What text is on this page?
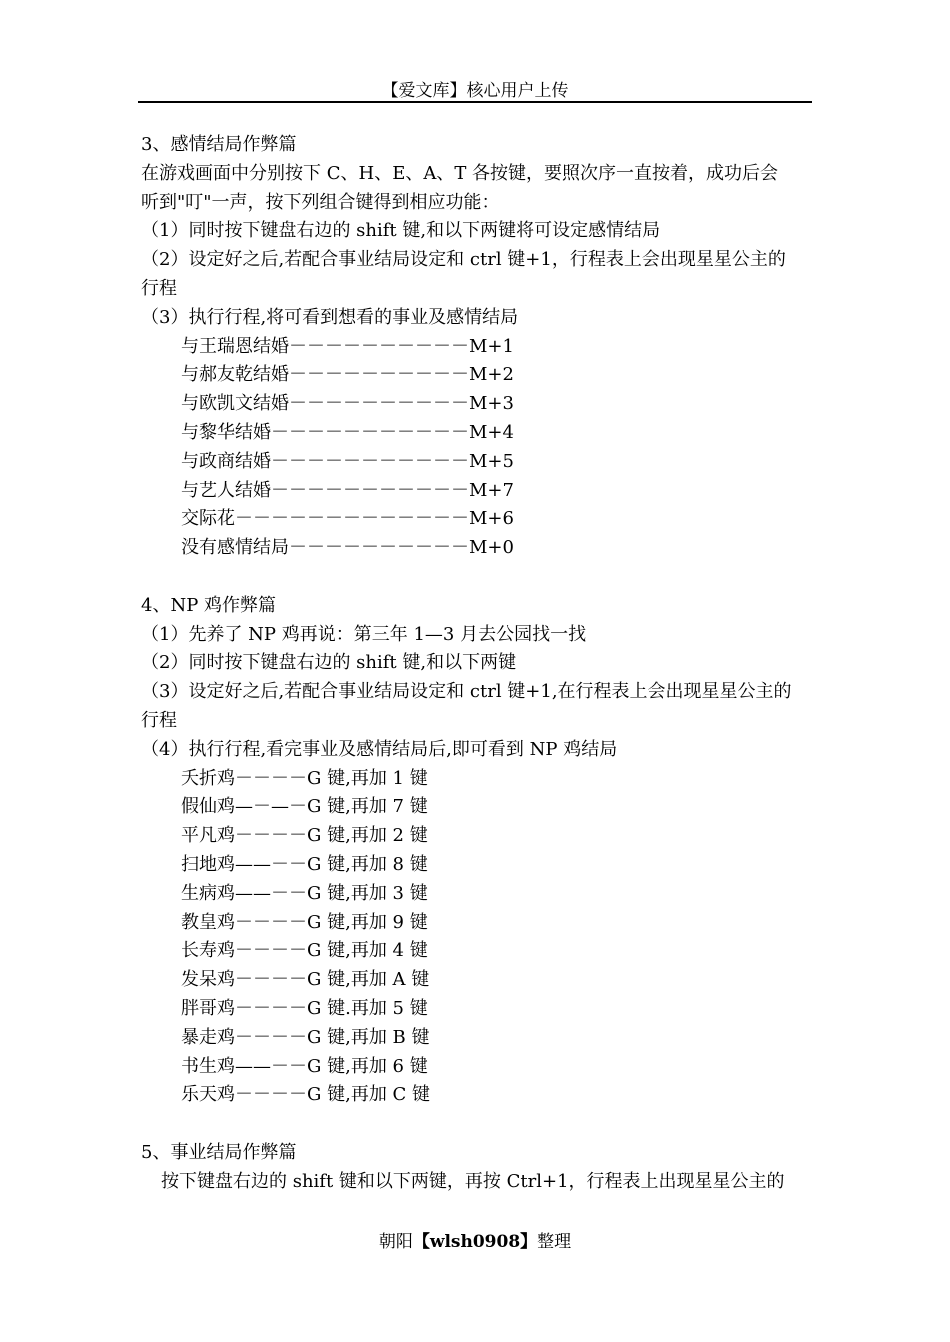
【爱文库】核心用户上传
3、感情结局作弊篇
在游戏画面中分别按下 C、H、E、A、T 各按键，要照次序一直按着，成功后会
听到"叮"一声，按下列组合键得到相应功能：
（1）同时按下键盘右边的 shift 键,和以下两键将可设定感情结局
（2）设定好之后,若配合事业结局设定和 ctrl 键+1，行程表上会出现星星公主的
行程
（3）执行行程,将可看到想看的事业及感情结局
与王瑞恩结婚－－－－－－－－－－M+1
与郝友乾结婚－－－－－－－－－－M+2
与欧凯文结婚－－－－－－－－－－M+3
与黎华结婚－－－－－－－－－－－M+4
与政商结婚－－－－－－－－－－－M+5
与艺人结婚－－－－－－－－－－－M+7
交际花－－－－－－－－－－－－－M+6
没有感情结局－－－－－－－－－－M+0
4、NP 鸡作弊篇
（1）先养了 NP 鸡再说：第三年 1—3 月去公园找一找
（2）同时按下键盘右边的 shift 键,和以下两键
（3）设定好之后,若配合事业结局设定和 ctrl 键+1,在行程表上会出现星星公主的
行程
（4）执行行程,看完事业及感情结局后,即可看到 NP 鸡结局
夭折鸡－－－－G 键,再加 1 键
假仙鸡—－—－G 键,再加 7 键
平凡鸡－－－－G 键,再加 2 键
扫地鸡——－－G 键,再加 8 键
生病鸡——－－G 键,再加 3 键
教皇鸡－－－－G 键,再加 9 键
长寿鸡－－－－G 键,再加 4 键
发呆鸡－－－－G 键,再加 A 键
胖哥鸡－－－－G 键.再加 5 键
暴走鸡－－－－G 键,再加 B 键
书生鸡——－－G 键,再加 6 键
乐天鸡－－－－G 键,再加 C 键
5、事业结局作弊篇
按下键盘右边的 shift 键和以下两键，再按 Ctrl+1，行程表上出现星星公主的
朝阳【wlsh0908】整理
